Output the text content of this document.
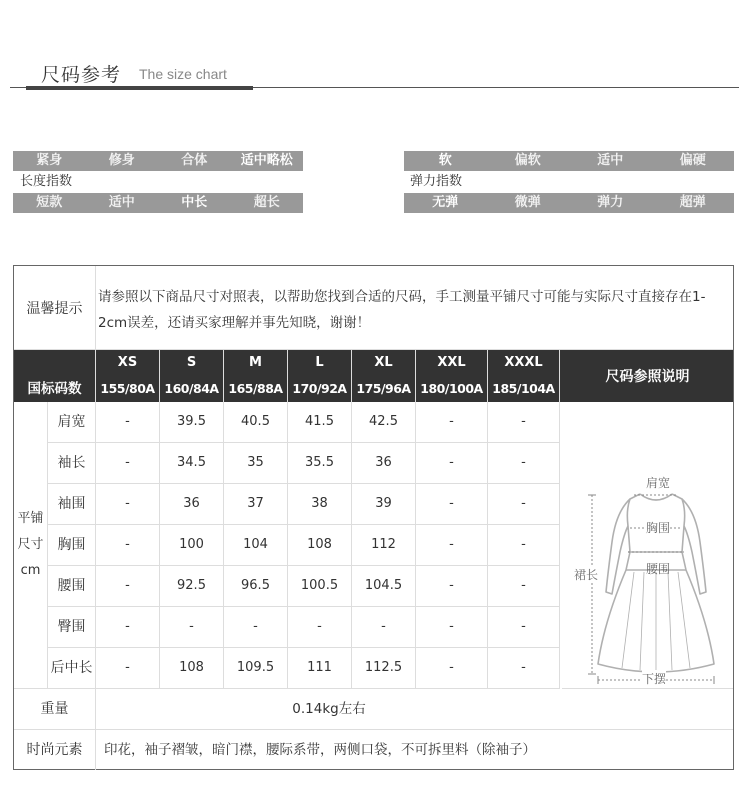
尺码参考 The size chart
紧身	修身	合体	适中略松
长度指数
短款	适中	中长	超长
软	偏软	适中	偏硬
弹力指数
无弹	微弹	弹力	超弹
温馨提示
请参照以下商品尺寸对照表，以帮助您找到合适的尺码，手工测量平铺尺寸可能与实际尺寸直接存在1-2cm误差，还请买家理解并事先知晓，谢谢！
XS	S	M	L	XL	XXL	XXXL
国标码数	155/80A 160/84A 165/88A 170/92A 175/96A 180/100A 185/104A
尺码参照说明
平铺
尺寸
cm
肩宽	-	39.5	40.5	41.5	42.5	-	-
袖长	-	34.5	35	35.5	36	-	-
袖围	-	36	37	38	39	-	-
胸围	-	100	104	108	112	-	-
腰围	-	92.5	96.5	100.5	104.5	-	-
臀围	-	-	-	-	-	-	-
后中长	-	108	109.5	111	112.5	-	-
肩宽
胸围
腰围
裙长
下摆
重量	0.14kg左右
时尚元素	印花，袖子褶皱，暗门襟，腰际系带，两侧口袋，不可拆里料（除袖子）
